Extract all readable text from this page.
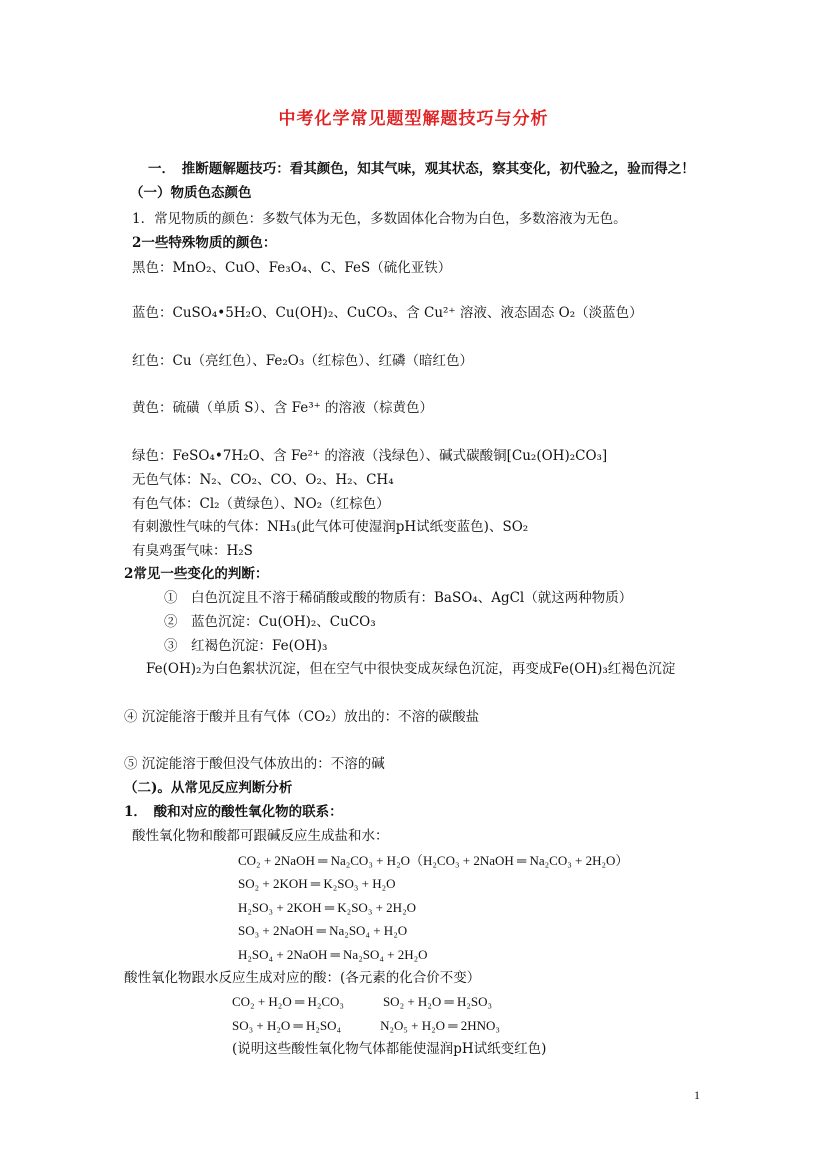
中考化学常见题型解题技巧与分析
一．　推断题解题技巧：看其颜色，知其气味，观其状态，察其变化，初代验之，验而得之！
（一）物质色态颜色
1．常见物质的颜色：多数气体为无色，多数固体化合物为白色，多数溶液为无色。
2一些特殊物质的颜色：
黑色：MnO₂、CuO、Fe₃O₄、C、FeS（硫化亚铁）
蓝色：CuSO₄•5H₂O、Cu(OH)₂、CuCO₃、含 Cu²⁺ 溶液、液态固态 O₂（淡蓝色）
红色：Cu（亮红色）、Fe₂O₃（红棕色）、红磷（暗红色）
黄色：硫磺（单质 S）、含 Fe³⁺ 的溶液（棕黄色）
绿色：FeSO₄•7H₂O、含 Fe²⁺ 的溶液（浅绿色）、碱式碳酸铜[Cu₂(OH)₂CO₃]
无色气体：N₂、CO₂、CO、O₂、H₂、CH₄
有色气体：Cl₂（黄绿色）、NO₂（红棕色）
有刺激性气味的气体：NH₃(此气体可使湿润pH试纸变蓝色)、SO₂
有臭鸡蛋气味：H₂S
2常见一些变化的判断：
①　白色沉淀且不溶于稀硝酸或酸的物质有：BaSO₄、AgCl（就这两种物质）
②　蓝色沉淀：Cu(OH)₂、CuCO₃
③　红褐色沉淀：Fe(OH)₃
Fe(OH)₂为白色絮状沉淀，但在空气中很快变成灰绿色沉淀，再变成Fe(OH)₃红褐色沉淀
④ 沉淀能溶于酸并且有气体（CO₂）放出的：不溶的碳酸盐
⑤ 沉淀能溶于酸但没气体放出的：不溶的碱
（二)。从常见反应判断分析
1．　酸和对应的酸性氧化物的联系：
酸性氧化物和酸都可跟碱反应生成盐和水：
CO₂ + 2NaOH ═ Na₂CO₃ + H₂O（H₂CO₃ + 2NaOH ═ Na₂CO₃ + 2H₂O）
SO₂ + 2KOH ═ K₂SO₃ + H₂O
H₂SO₃ + 2KOH ═ K₂SO₃ + 2H₂O
SO₃ + 2NaOH ═ Na₂SO₄ + H₂O
H₂SO₄ + 2NaOH ═ Na₂SO₄ + 2H₂O
酸性氧化物跟水反应生成对应的酸：(各元素的化合价不变）
CO₂ + H₂O ═ H₂CO₃　　　SO₂ + H₂O ═ H₂SO₃
SO₃ + H₂O ═ H₂SO₄　　　N₂O₅ + H₂O ═ 2HNO₃
(说明这些酸性氧化物气体都能使湿润pH试纸变红色)
1
